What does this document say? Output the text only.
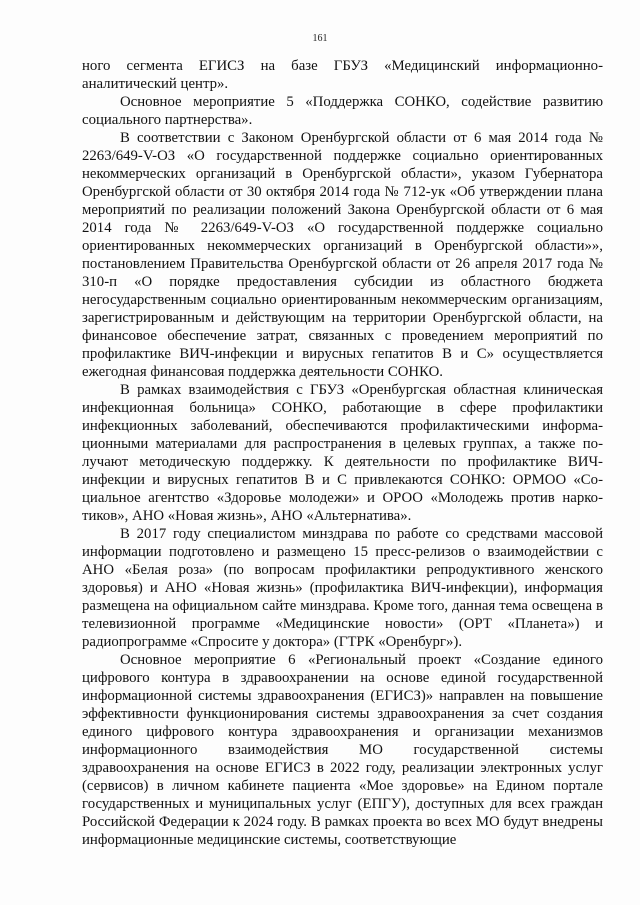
161

ного сегмента ЕГИСЗ на базе ГБУЗ «Медицинский информационно-аналитический центр».

Основное мероприятие 5 «Поддержка СОНКО, содействие развитию социального партнерства».

В соответствии с Законом Оренбургской области от 6 мая 2014 года № 2263/649-V-ОЗ «О государственной поддержке социально ориентированных некоммерческих организаций в Оренбургской области», указом Губернатора Оренбургской области от 30 октября 2014 года № 712-ук «Об утверждении плана мероприятий по реализации положений Закона Оренбургской области от 6 мая 2014 года № 2263/649-V-ОЗ «О государственной поддержке социально ориентированных некоммерческих организаций в Оренбургской области»», постановлением Правительства Оренбургской области от 26 апреля 2017 года № 310-п «О порядке предоставления субсидии из областного бюджета негосударственным социально ориентированным некоммерческим организациям, зарегистрированным и действующим на территории Оренбургской области, на финансовое обеспечение затрат, связанных с проведением мероприятий по профилактике ВИЧ-инфекции и вирусных гепатитов В и С» осуществляется ежегодная финансовая поддержка деятельности СОНКО.

В рамках взаимодействия с ГБУЗ «Оренбургская областная клиническая инфекционная больница» СОНКО, работающие в сфере профилактики инфекционных заболеваний, обеспечиваются профилактическими информационными материалами для распространения в целевых группах, а также получают методическую поддержку. К деятельности по профилактике ВИЧ-инфекции и вирусных гепатитов В и С привлекаются СОНКО: ОРМОО «Социальное агентство «Здоровье молодежи» и ОРОО «Молодежь против наркотиков», АНО «Новая жизнь», АНО «Альтернатива».

В 2017 году специалистом минздрава по работе со средствами массовой информации подготовлено и размещено 15 пресс-релизов о взаимодействии с АНО «Белая роза» (по вопросам профилактики репродуктивного женского здоровья) и АНО «Новая жизнь» (профилактика ВИЧ-инфекции), информация размещена на официальном сайте минздрава. Кроме того, данная тема освещена в телевизионной программе «Медицинские новости» (ОРТ «Планета») и радиопрограмме «Спросите у доктора» (ГТРК «Оренбург»).

Основное мероприятие 6 «Региональный проект «Создание единого цифрового контура в здравоохранении на основе единой государственной информационной системы здравоохранения (ЕГИСЗ)» направлен на повышение эффективности функционирования системы здравоохранения за счет создания единого цифрового контура здравоохранения и организации механизмов информационного взаимодействия МО государственной системы здравоохранения на основе ЕГИСЗ в 2022 году, реализации электронных услуг (сервисов) в личном кабинете пациента «Мое здоровье» на Едином портале государственных и муниципальных услуг (ЕПГУ), доступных для всех граждан Российской Федерации к 2024 году. В рамках проекта во всех МО будут внедрены информационные медицинские системы, соответствующие
